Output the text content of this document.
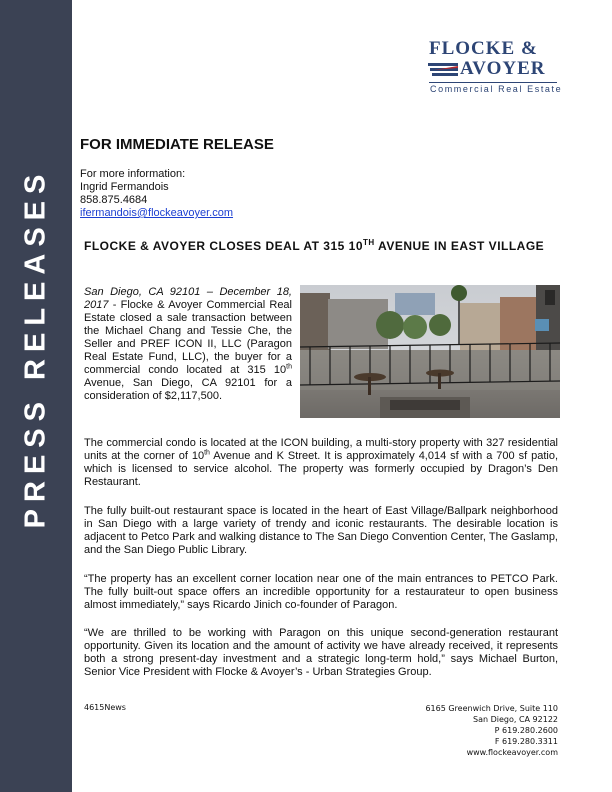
PRESS RELEASES
FLOCKE &
AVOYER
Commercial Real Estate
FOR IMMEDIATE RELEASE
For more information:
Ingrid Fermandois
858.875.4684
ifermandois@flockeavoyer.com
FLOCKE & AVOYER CLOSES DEAL AT 315 10TH AVENUE IN EAST VILLAGE

San Diego, CA 92101 – December 18, 2017 - Flocke & Avoyer Commercial Real Estate closed a sale transaction between the Michael Chang and Tessie Che, the Seller and PREF ICON II, LLC (Paragon Real Estate Fund, LLC), the buyer for a commercial condo located at 315 10th Avenue, San Diego, CA 92101 for a consideration of $2,117,500.

The commercial condo is located at the ICON building, a multi-story property with 327 residential units at the corner of 10th Avenue and K Street. It is approximately 4,014 sf with a 700 sf patio, which is licensed to service alcohol. The property was formerly occupied by Dragon’s Den Restaurant.

The fully built-out restaurant space is located in the heart of East Village/Ballpark neighborhood in San Diego with a large variety of trendy and iconic restaurants. The desirable location is adjacent to Petco Park and walking distance to The San Diego Convention Center, The Gaslamp, and the San Diego Public Library.

“The property has an excellent corner location near one of the main entrances to PETCO Park. The fully built-out space offers an incredible opportunity for a restaurateur to open business almost immediately,” says Ricardo Jinich co-founder of Paragon.

“We are thrilled to be working with Paragon on this unique second-generation restaurant opportunity. Given its location and the amount of activity we have already received, it represents both a strong present-day investment and a strategic long-term hold,” says Michael Burton, Senior Vice President with Flocke & Avoyer’s - Urban Strategies Group.

4615News	6165 Greenwich Drive, Suite 110
San Diego, CA 92122
P 619.280.2600
F 619.280.3311
www.flockeavoyer.com
